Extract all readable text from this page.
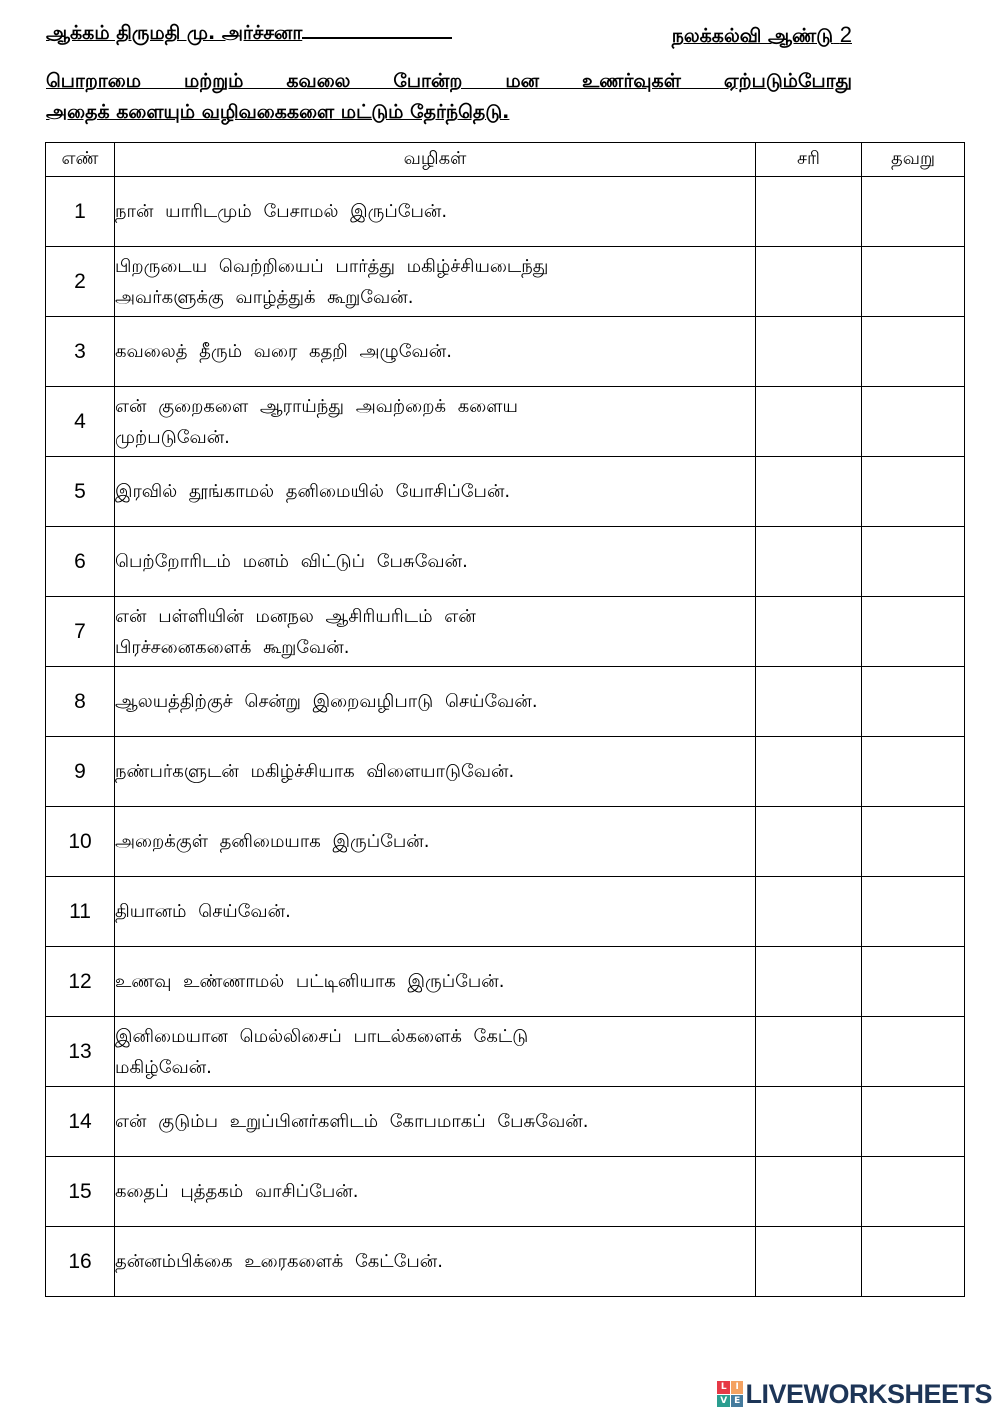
ஆக்கம் திருமதி மு. அர்ச்சனா	நலக்கல்வி ஆண்டு 2
பொறாமை மற்றும் கவலை போன்ற மன உணர்வுகள் ஏற்படும்போது
அதைக் களையும் வழிவகைகளை மட்டும் தேர்ந்தெடு.
எண்	வழிகள்	சரி	தவறு
1	நான் யாரிடமும் பேசாமல் இருப்பேன்.		

2	பிறருடைய வெற்றியைப் பார்த்து மகிழ்ச்சியடைந்து
அவர்களுக்கு வாழ்த்துக் கூறுவேன்.		

3	கவலைத் தீரும் வரை கதறி அழுவேன்.		

4	என் குறைகளை ஆராய்ந்து அவற்றைக் களைய
முற்படுவேன்.		

5	இரவில் தூங்காமல் தனிமையில் யோசிப்பேன்.		

6	பெற்றோரிடம் மனம் விட்டுப் பேசுவேன்.		

7	என் பள்ளியின் மனநல ஆசிரியரிடம் என்
பிரச்சனைகளைக் கூறுவேன்.		

8	ஆலயத்திற்குச் சென்று இறைவழிபாடு செய்வேன்.		

9	நண்பர்களுடன் மகிழ்ச்சியாக விளையாடுவேன்.		

10	அறைக்குள் தனிமையாக இருப்பேன்.		

11	தியானம் செய்வேன்.		

12	உணவு உண்ணாமல் பட்டினியாக இருப்பேன்.		

13	இனிமையான மெல்லிசைப் பாடல்களைக் கேட்டு
மகிழ்வேன்.		

14	என் குடும்ப உறுப்பினர்களிடம் கோபமாகப் பேசுவேன்.		

15	கதைப் புத்தகம் வாசிப்பேன்.		

16	தன்னம்பிக்கை உரைகளைக் கேட்பேன்.		

L I
V E LIVEWORKSHEETS
